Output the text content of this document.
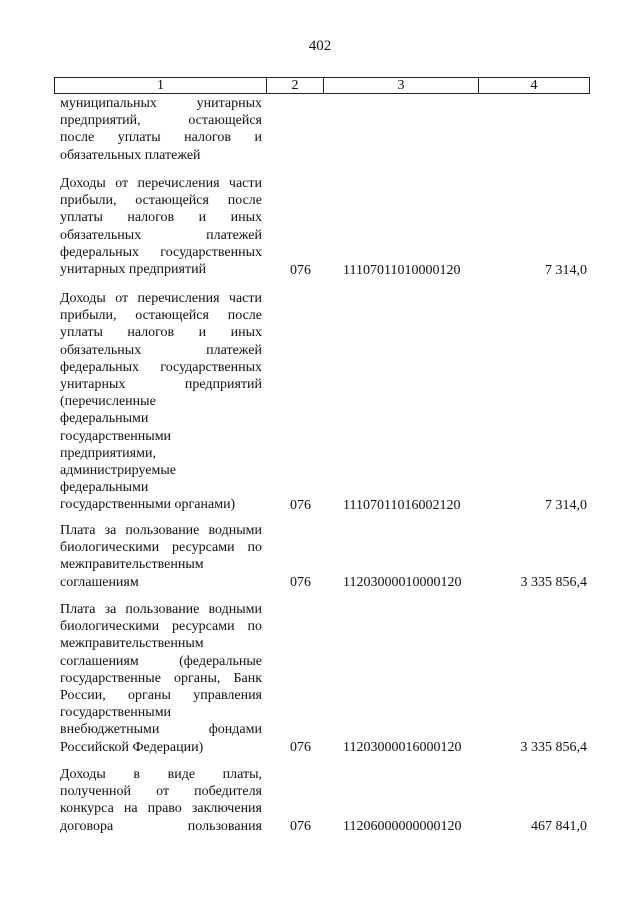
402
1	2	3	4
муниципальных унитарных
предприятий, остающейся
после уплаты налогов и
обязательных платежей
Доходы от перечисления части
прибыли, остающейся после
уплаты налогов и иных
обязательных платежей
федеральных государственных
унитарных предприятий	076	11107011010000120	7 314,0
Доходы от перечисления части
прибыли, остающейся после
уплаты налогов и иных
обязательных платежей
федеральных государственных
унитарных предприятий
(перечисленные
федеральными
государственными
предприятиями,
администрируемые
федеральными
государственными органами)	076	11107011016002120	7 314,0
Плата за пользование водными
биологическими ресурсами по
межправительственным
соглашениям	076	11203000010000120	3 335 856,4
Плата за пользование водными
биологическими ресурсами по
межправительственным
соглашениям (федеральные
государственные органы, Банк
России, органы управления
государственными
внебюджетными фондами
Российской Федерации)	076	11203000016000120	3 335 856,4
Доходы в виде платы,
полученной от победителя
конкурса на право заключения
договора пользования 076	11206000000000120	467 841,0
